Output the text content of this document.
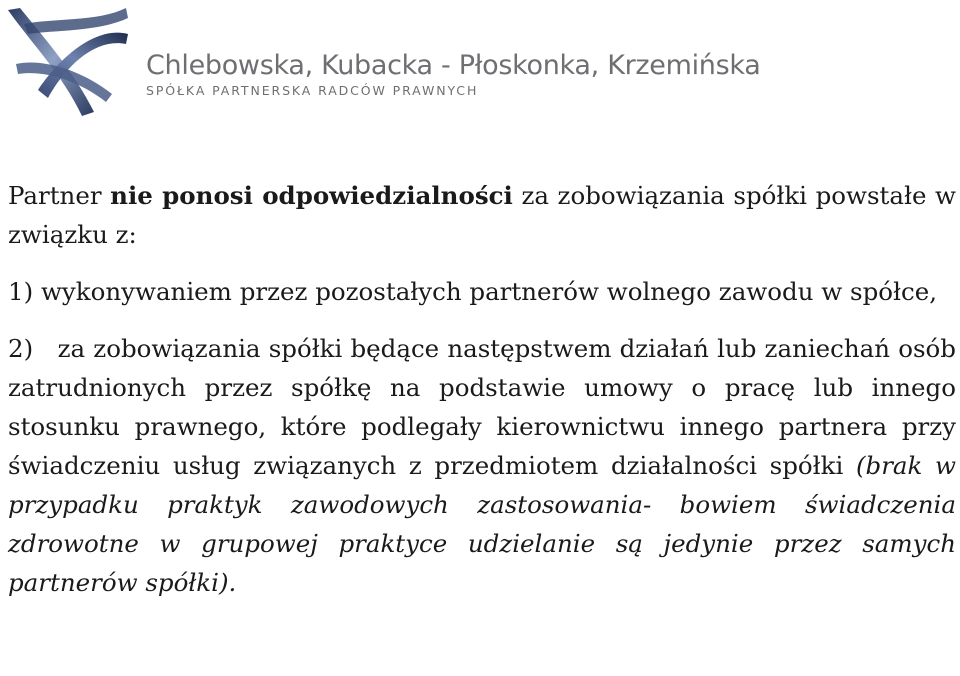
Chlebowska, Kubacka - Płoskonka, Krzemińska
SPÓŁKA PARTNERSKA RADCÓW PRAWNYCH

Partner nie ponosi odpowiedzialności za zobowiązania spółki powstałe w związku z:

1) wykonywaniem przez pozostałych partnerów wolnego zawodu w spółce,

2) za zobowiązania spółki będące następstwem działań lub zaniechań osób zatrudnionych przez spółkę na podstawie umowy o pracę lub innego stosunku prawnego, które podlegały kierownictwu innego partnera przy świadczeniu usług związanych z przedmiotem działalności spółki (brak w przypadku praktyk zawodowych zastosowania- bowiem świadczenia zdrowotne w grupowej praktyce udzielanie są jedynie przez samych partnerów spółki).
